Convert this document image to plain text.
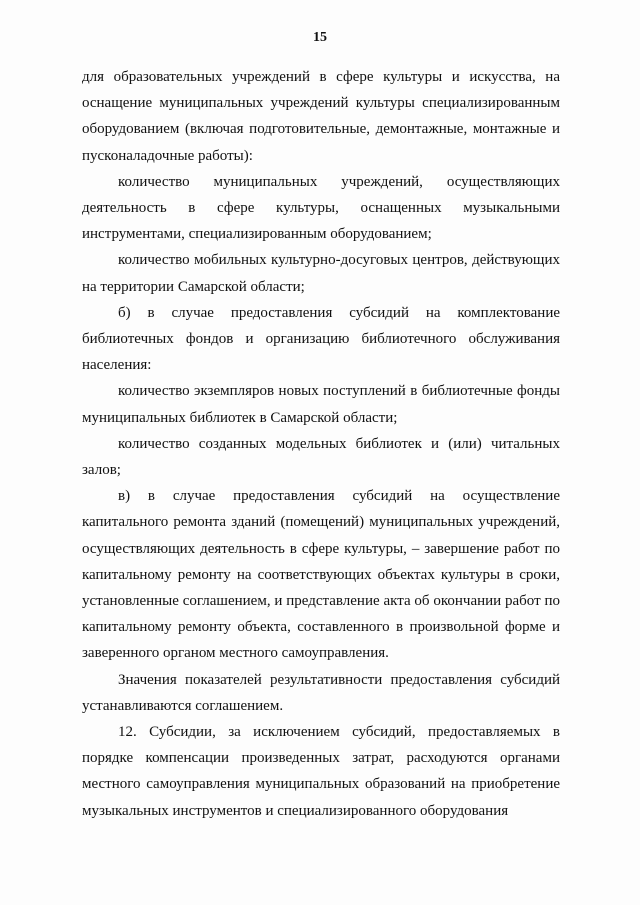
15

для образовательных учреждений в сфере культуры и искусства, на оснащение муниципальных учреждений культуры специализированным оборудованием (включая подготовительные, демонтажные, монтажные и пусконаладочные работы):

количество муниципальных учреждений, осуществляющих деятельность в сфере культуры, оснащенных музыкальными инструментами, специализированным оборудованием;

количество мобильных культурно-досуговых центров, действующих на территории Самарской области;

б) в случае предоставления субсидий на комплектование библиотечных фондов и организацию библиотечного обслуживания населения:

количество экземпляров новых поступлений в библиотечные фонды муниципальных библиотек в Самарской области;

количество созданных модельных библиотек и (или) читальных залов;

в) в случае предоставления субсидий на осуществление капитального ремонта зданий (помещений) муниципальных учреждений, осуществляющих деятельность в сфере культуры, – завершение работ по капитальному ремонту на соответствующих объектах культуры в сроки, установленные соглашением, и представление акта об окончании работ по капитальному ремонту объекта, составленного в произвольной форме и заверенного органом местного самоуправления.

Значения показателей результативности предоставления субсидий устанавливаются соглашением.

12. Субсидии, за исключением субсидий, предоставляемых в порядке компенсации произведенных затрат, расходуются органами местного самоуправления муниципальных образований на приобретение музыкальных инструментов и специализированного оборудования
